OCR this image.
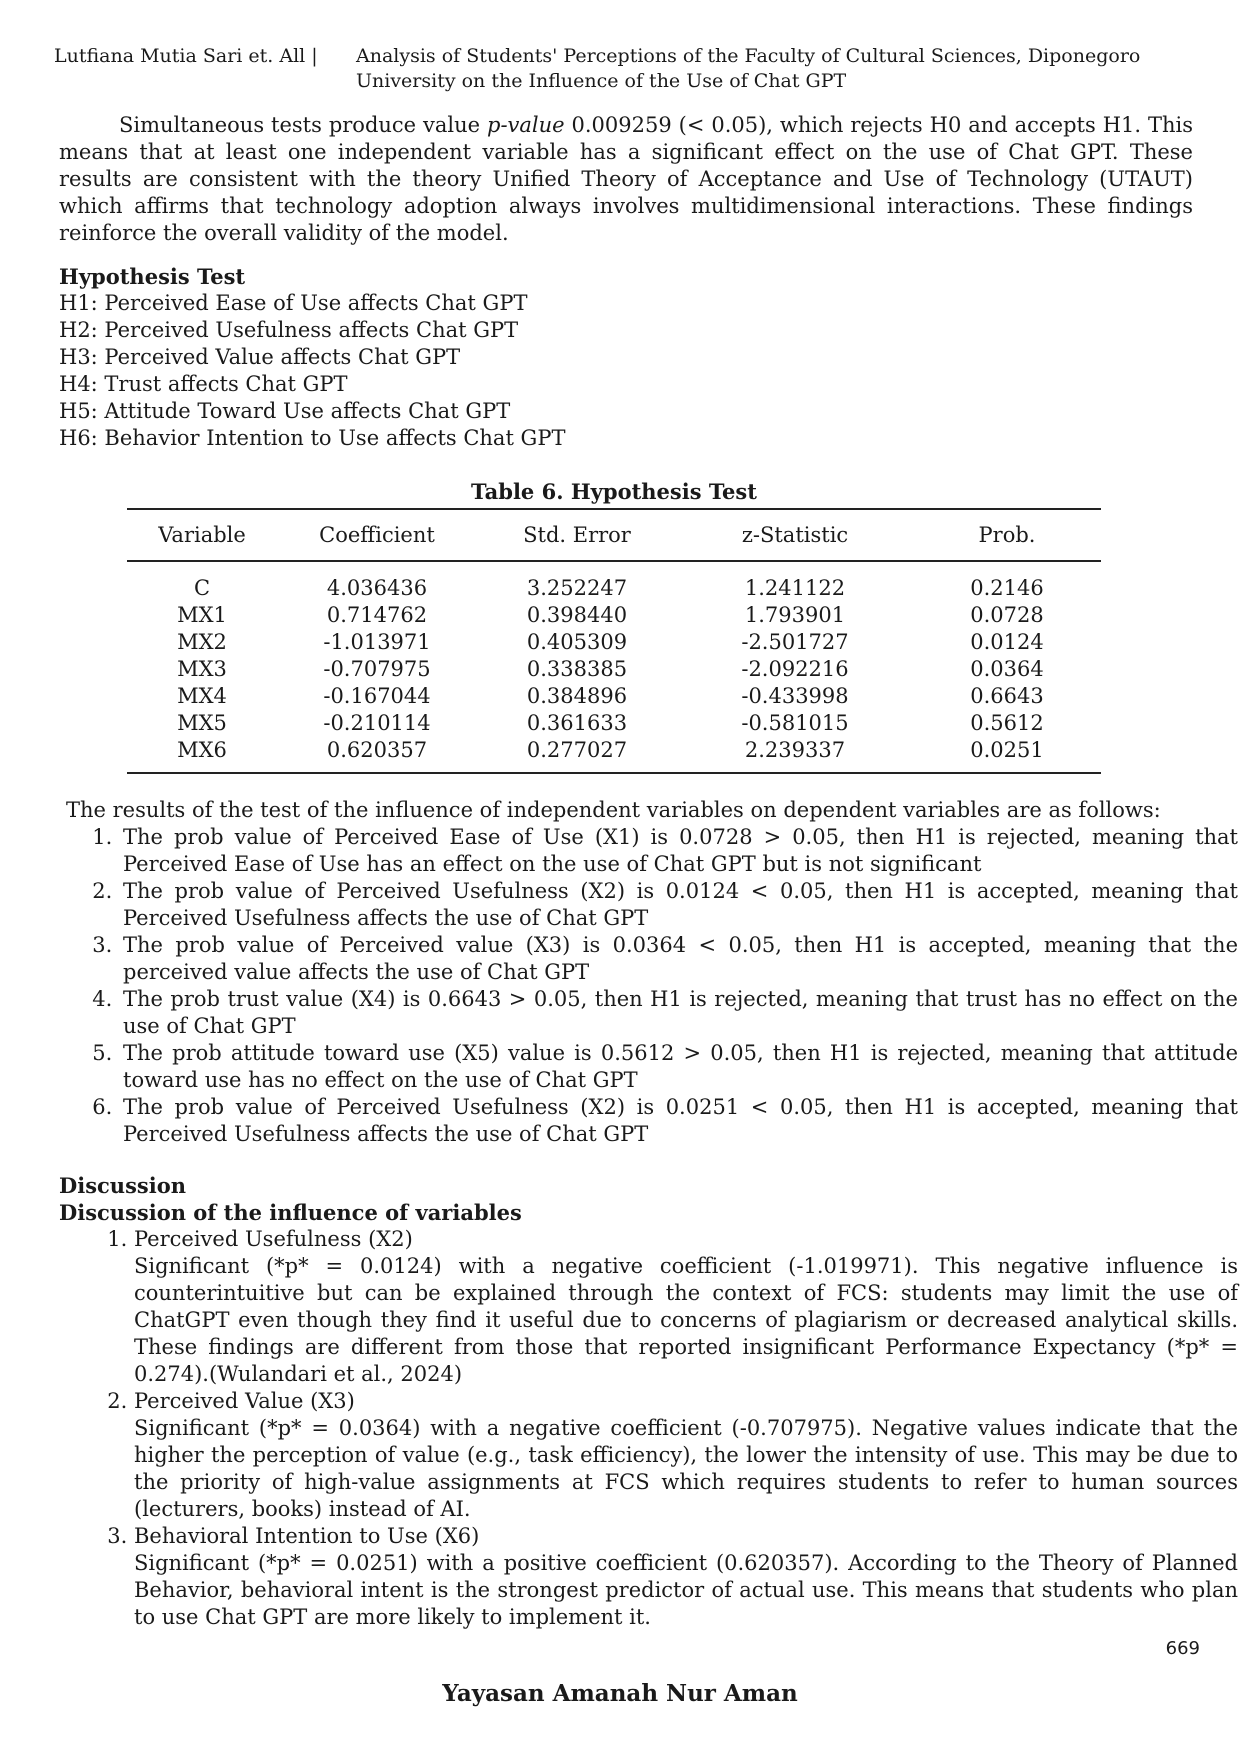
Lutfiana Mutia Sari et. All | Analysis of Students' Perceptions of the Faculty of Cultural Sciences, Diponegoro University on the Influence of the Use of Chat GPT

Simultaneous tests produce value p-value 0.009259 (< 0.05), which rejects H0 and accepts H1. This means that at least one independent variable has a significant effect on the use of Chat GPT. These results are consistent with the theory Unified Theory of Acceptance and Use of Technology (UTAUT) which affirms that technology adoption always involves multidimensional interactions. These findings reinforce the overall validity of the model.

Hypothesis Test
H1: Perceived Ease of Use affects Chat GPT
H2: Perceived Usefulness affects Chat GPT
H3: Perceived Value affects Chat GPT
H4: Trust affects Chat GPT
H5: Attitude Toward Use affects Chat GPT
H6: Behavior Intention to Use affects Chat GPT
Table 6. Hypothesis Test
Variable	Coefficient	Std. Error	z-Statistic	Prob.
C	4.036436	3.252247	1.241122	0.2146
MX1	0.714762	0.398440	1.793901	0.0728
MX2	-1.013971	0.405309	-2.501727	0.0124
MX3	-0.707975	0.338385	-2.092216	0.0364
MX4	-0.167044	0.384896	-0.433998	0.6643
MX5	-0.210114	0.361633	-0.581015	0.5612
MX6	0.620357	0.277027	2.239337	0.0251

The results of the test of the influence of independent variables on dependent variables are as follows:

1. The prob value of Perceived Ease of Use (X1) is 0.0728 > 0.05, then H1 is rejected, meaning that Perceived Ease of Use has an effect on the use of Chat GPT but is not significant
2. The prob value of Perceived Usefulness (X2) is 0.0124 < 0.05, then H1 is accepted, meaning that Perceived Usefulness affects the use of Chat GPT
3. The prob value of Perceived value (X3) is 0.0364 < 0.05, then H1 is accepted, meaning that the perceived value affects the use of Chat GPT
4. The prob trust value (X4) is 0.6643 > 0.05, then H1 is rejected, meaning that trust has no effect on the use of Chat GPT
5. The prob attitude toward use (X5) value is 0.5612 > 0.05, then H1 is rejected, meaning that attitude toward use has no effect on the use of Chat GPT
6. The prob value of Perceived Usefulness (X2) is 0.0251 < 0.05, then H1 is accepted, meaning that Perceived Usefulness affects the use of Chat GPT
Discussion
Discussion of the influence of variables
1. Perceived Usefulness (X2)
Significant (*p* = 0.0124) with a negative coefficient (-1.019971). This negative influence is counterintuitive but can be explained through the context of FCS: students may limit the use of ChatGPT even though they find it useful due to concerns of plagiarism or decreased analytical skills. These findings are different from those that reported insignificant Performance Expectancy (*p* = 0.274).(Wulandari et al., 2024)
2. Perceived Value (X3)
Significant (*p* = 0.0364) with a negative coefficient (-0.707975). Negative values indicate that the higher the perception of value (e.g., task efficiency), the lower the intensity of use. This may be due to the priority of high-value assignments at FCS which requires students to refer to human sources (lecturers, books) instead of AI.
3. Behavioral Intention to Use (X6)
Significant (*p* = 0.0251) with a positive coefficient (0.620357). According to the Theory of Planned Behavior, behavioral intent is the strongest predictor of actual use. This means that students who plan to use Chat GPT are more likely to implement it.
669
Yayasan Amanah Nur Aman
